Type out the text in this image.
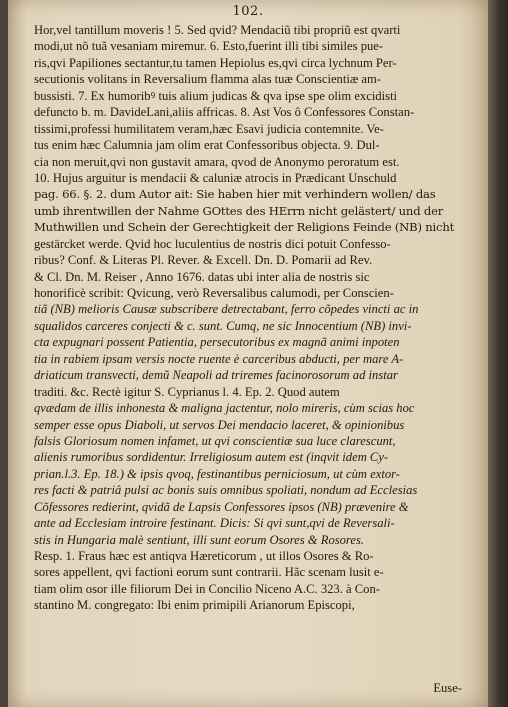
102.
Hor,vel tantillum moveris ! 5. Sed qvid? Mendaciũ tibi propriũ est qvarti
modi,ut nõ tuã vesaniam miremur. 6. Esto,fuerint illi tibi similes pue-
ris,qvi Papiliones sectantur,tu tamen Hepiolus es,qvi circa lychnum Per-
secutionis volitans in Reversalium flamma alas tuæ Conscientiæ am-
bussisti. 7. Ex humoribꝰ tuis alium judicas & qva ipse spe olim excidisti
defuncto b. m. DavideLani,aliis affricas. 8. Ast Vos ô Confessores Constan-
tissimi,professi humilitatem veram,hæc Esavi judicia contemnite. Ve-
tus enim hæc Calumnia jam olim erat Confessoribus objecta. 9. Dul-
cia non meruit,qvi non gustavit amara, qvod de Anonymo peroratum est.
10. Hujus arguitur is mendacii & caluniæ atrocis in Prædicant Unschuld
pag. 66. §. 2. dum Autor ait: Sie haben hier mit verhindern wollen/ das
umb ihrentwillen der Nahme GOttes des HErrn nicht gelästert/ und der
Muthwillen und Schein der Gerechtigkeit der Religions Feinde (NB) nicht
gestärcket werde. Qvid hoc luculentius de nostris dici potuit Confesso-
ribus? Conf. & Literas Pl. Rever. & Excell. Dn. D. Pomarii ad Rev.
& Cl. Dn. M. Reiser , Anno 1676. datas ubi inter alia de nostris sic
honorificè scribit: Qvicung, verò Reversalibus calumodi, per Conscien-
tiã (NB) melioris Causæ subscribere detrectabant, ferro cõpedes vincti ac in
squalidos carceres conjecti & c. sunt. Cumq, ne sic Innocentium (NB) invi-
cta expugnari possent Patientia, persecutoribus ex magnã animi inpoten
tia in rabiem ipsam versis nocte ruente è carceribus abducti, per mare A-
driaticum transvecti, demũ Neapoli ad triremes facinorosorum ad instar
traditi. &c. Rectè igitur S. Cyprianus l. 4. Ep. 2. Quod autem
qvædam de illis inhonesta & maligna jactentur, nolo mireris, cùm scias hoc
semper esse opus Diaboli, ut servos Dei mendacio laceret, & opinionibus
falsis Gloriosum nomen infamet, ut qvi conscientiæ sua luce clarescunt,
alienis rumoribus sordidentur. Irreligiosum autem est (inqvit idem Cy-
prian.l.3. Ep. 18.) & ipsis qvoq, festinantibus perniciosum, ut cùm extor-
res facti & patriâ pulsi ac bonis suis omnibus spoliati, nondum ad Ecclesias
Cõfessores redierint, qvidã de Lapsis Confessores ipsos (NB) prævenire &
ante ad Ecclesiam introire festinant. Dicis: Si qvi sunt,qvi de Reversali-
stis in Hungaria malè sentiunt, illi sunt eorum Osores & Rosores.
Resp. 1. Fraus hæc est antiqva Hæreticorum , ut illos Osores & Ro-
sores appellent, qvi factioni eorum sunt contrarii. Hãc scenam lusit e-
tiam olim osor ille filiorum Dei in Concilio Niceno A.C. 323. à Con-
stantino M. congregato: Ibi enim primipili Arianorum Episcopi,
Euse-
